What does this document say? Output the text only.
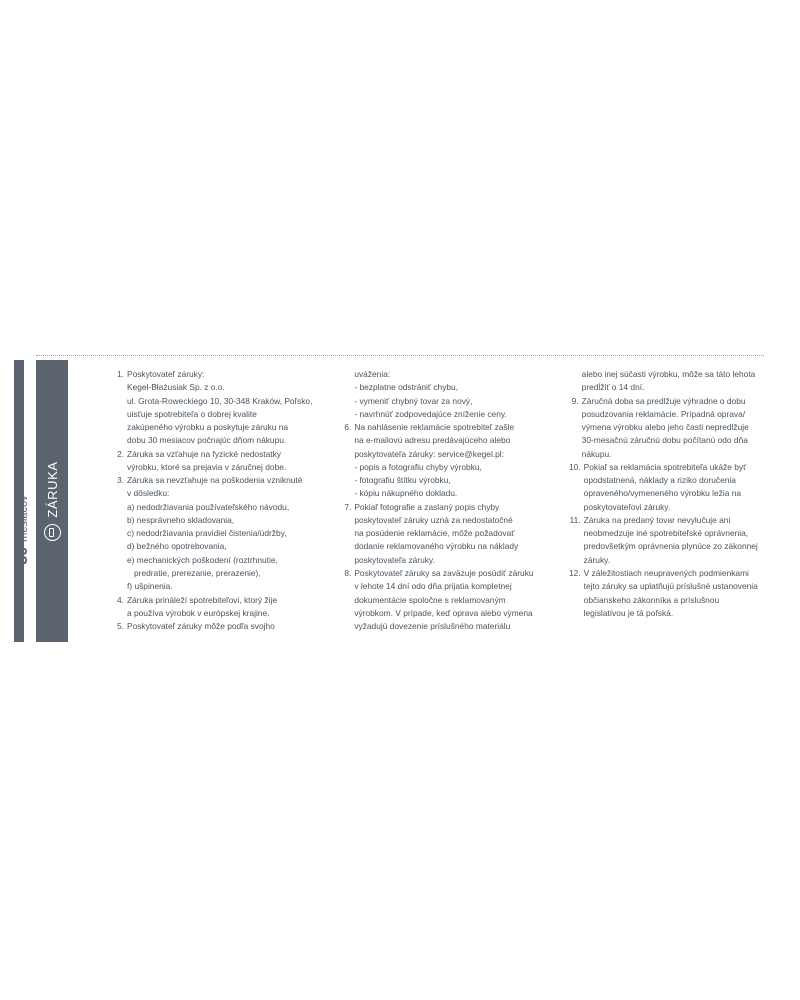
ZÁRUKA
30
mesiacov
1. Poskytovateľ záruky:
Kegel-Błażusiak Sp. z o.o.
ul. Grota-Roweckiego 10, 30-348 Kraków, Poľsko,
uisťuje spotrebiteľa o dobrej kvalite
zakúpeného výrobku a poskytuje záruku na
dobu 30 mesiacov počnajúc dňom nákupu.
2. Záruka sa vzťahuje na fyzické nedostatky
výrobku, ktoré sa prejavia v záručnej dobe.
3. Záruka sa nevzťahuje na poškodenia vzniknuté
v dôsledku:
a) nedodržiavania používateľského návodu,
b) nesprávneho skladovania,
c) nedodržiavania pravidiel čistenia/údržby,
d) bežného opotrebovania,
e) mechanických poškodení (roztrhnutie,
predratie, prerezanie, prerazenie),
f) ušpinenia.
4. Záruka prináleží spotrebiteľovi, ktorý žije
a používa výrobok v európskej krajine.
5. Poskytovateľ záruky môže podľa svojho
uváženia:
- bezplatne odstrániť chybu,
- vymeniť chybný tovar za nový,
- navrhnúť zodpovedajúce zníženie ceny.
6. Na nahlásenie reklamácie spotrebiteľ zašle
na e-mailovú adresu predávajúceho alebo
poskytovateľa záruky: service@kegel.pl:
- popis a fotografiu chyby výrobku,
- fotografiu štítku výrobku,
- kópiu nákupného dokladu.
7. Pokiaľ fotografie a zaslaný popis chyby
poskytovateľ záruky uzná za nedostatočné
na posúdenie reklamácie, môže požadovať
dodanie reklamovaného výrobku na náklady
poskytovateľa záruky.
8. Poskytovateľ záruky sa zaväzuje posúdiť záruku
v lehote 14 dní odo dňa prijatia kompletnej
dokumentácie spoločne s reklamovaným
výrobkom. V prípade, keď oprava alebo výmena
vyžadujú dovezenie príslušného materiálu
alebo inej súčasti výrobku, môže sa táto lehota
predĺžiť o 14 dní.
9. Záručná doba sa predlžuje výhradne o dobu
posudzovania reklamácie. Prípadná oprava/
výmena výrobku alebo jeho časti nepredlžuje
30-mesačnú záručnú dobu počítanú odo dňa
nákupu.
10. Pokiaľ sa reklamácia spotrebiteľa ukáže byť
opodstatnená, náklady a riziko doručenia
opraveného/vymeneného výrobku ležia na
poskytovateľovi záruky.
11. Záruka na predaný tovar nevylučuje ani
neobmedzuje iné spotrebiteľské oprávnenia,
predovšetkým oprávnenia plynúce zo zákonnej
záruky.
12. V záležitostiach neupravených podmienkami
tejto záruky sa uplatňujú príslušné ustanovenia
občianskeho zákonníka a príslušnou
legislatívou je tá poľská.
